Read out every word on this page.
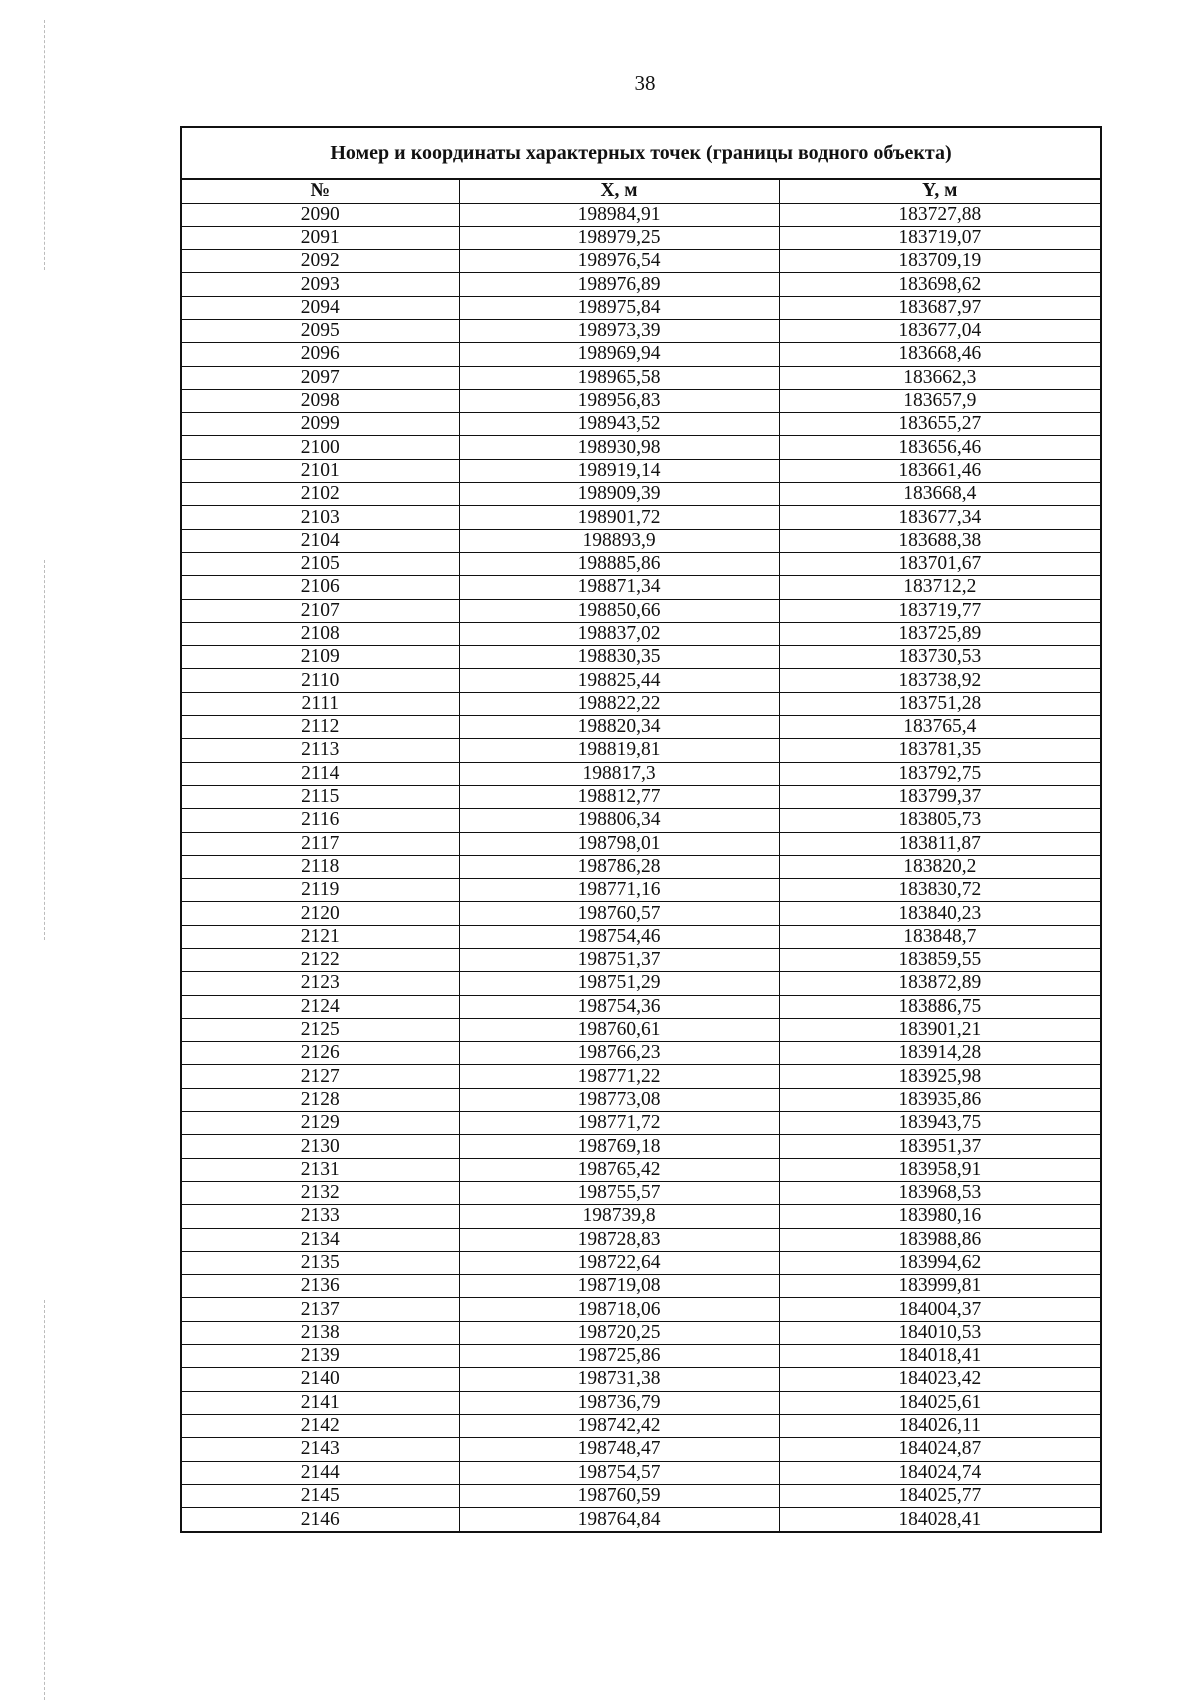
38
Номер и координаты характерных точек (границы водного объекта)
№	X, м	Y, м
2090	198984,91	183727,88
2091	198979,25	183719,07
2092	198976,54	183709,19
2093	198976,89	183698,62
2094	198975,84	183687,97
2095	198973,39	183677,04
2096	198969,94	183668,46
2097	198965,58	183662,3
2098	198956,83	183657,9
2099	198943,52	183655,27
2100	198930,98	183656,46
2101	198919,14	183661,46
2102	198909,39	183668,4
2103	198901,72	183677,34
2104	198893,9	183688,38
2105	198885,86	183701,67
2106	198871,34	183712,2
2107	198850,66	183719,77
2108	198837,02	183725,89
2109	198830,35	183730,53
2110	198825,44	183738,92
2111	198822,22	183751,28
2112	198820,34	183765,4
2113	198819,81	183781,35
2114	198817,3	183792,75
2115	198812,77	183799,37
2116	198806,34	183805,73
2117	198798,01	183811,87
2118	198786,28	183820,2
2119	198771,16	183830,72
2120	198760,57	183840,23
2121	198754,46	183848,7
2122	198751,37	183859,55
2123	198751,29	183872,89
2124	198754,36	183886,75
2125	198760,61	183901,21
2126	198766,23	183914,28
2127	198771,22	183925,98
2128	198773,08	183935,86
2129	198771,72	183943,75
2130	198769,18	183951,37
2131	198765,42	183958,91
2132	198755,57	183968,53
2133	198739,8	183980,16
2134	198728,83	183988,86
2135	198722,64	183994,62
2136	198719,08	183999,81
2137	198718,06	184004,37
2138	198720,25	184010,53
2139	198725,86	184018,41
2140	198731,38	184023,42
2141	198736,79	184025,61
2142	198742,42	184026,11
2143	198748,47	184024,87
2144	198754,57	184024,74
2145	198760,59	184025,77
2146	198764,84	184028,41
